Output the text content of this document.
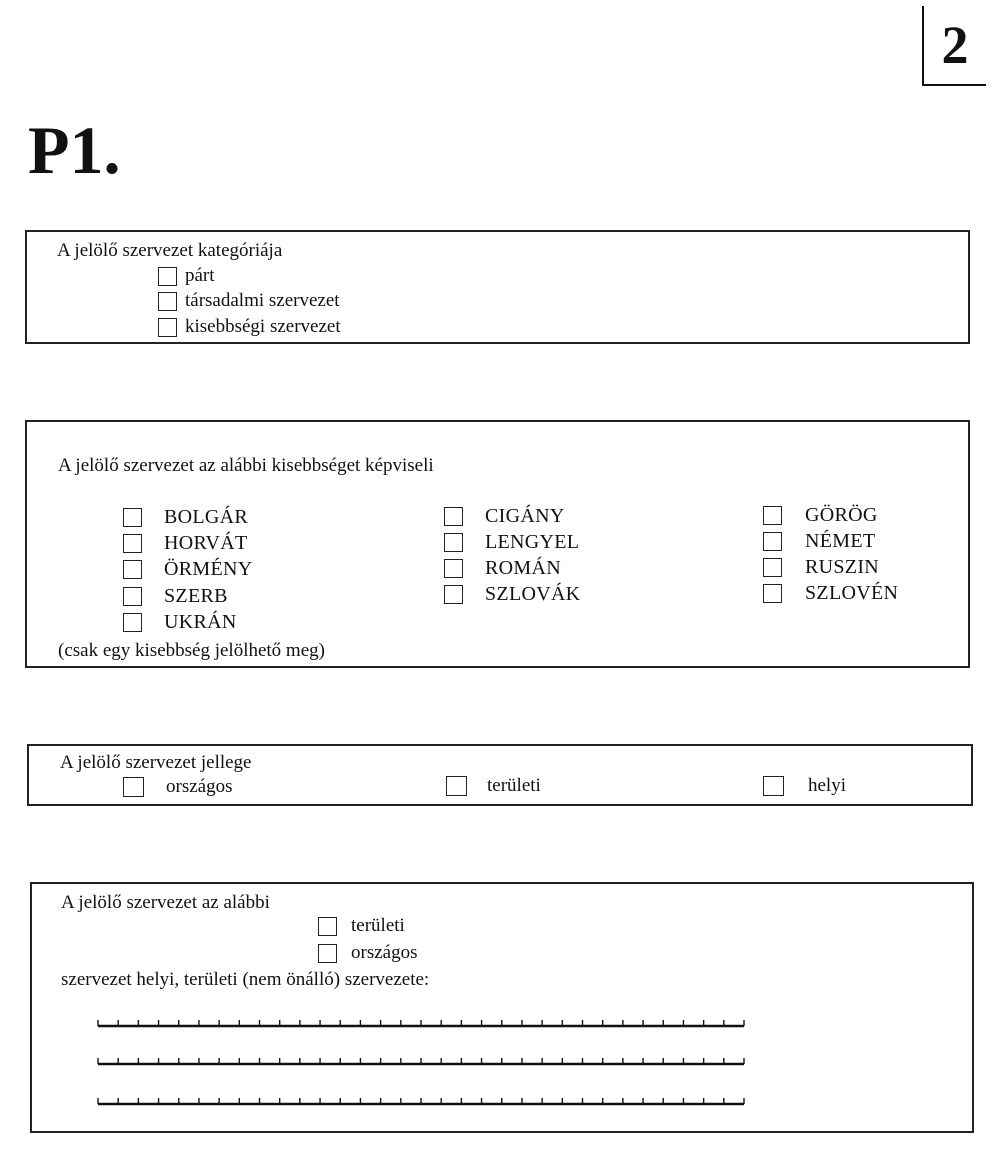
2
P1.
A jelölő szervezet kategóriája
párt
társadalmi szervezet
kisebbségi szervezet
A jelölő szervezet az alábbi kisebbséget képviseli
BOLGÁR
HORVÁT
ÖRMÉNY
SZERB
UKRÁN
CIGÁNY
LENGYEL
ROMÁN
SZLOVÁK
GÖRÖG
NÉMET
RUSZIN
SZLOVÉN
(csak egy kisebbség jelölhető meg)
A jelölő szervezet jellege
országos	területi	helyi
A jelölő szervezet az alábbi
területi
országos
szervezet helyi, területi (nem önálló) szervezete:
